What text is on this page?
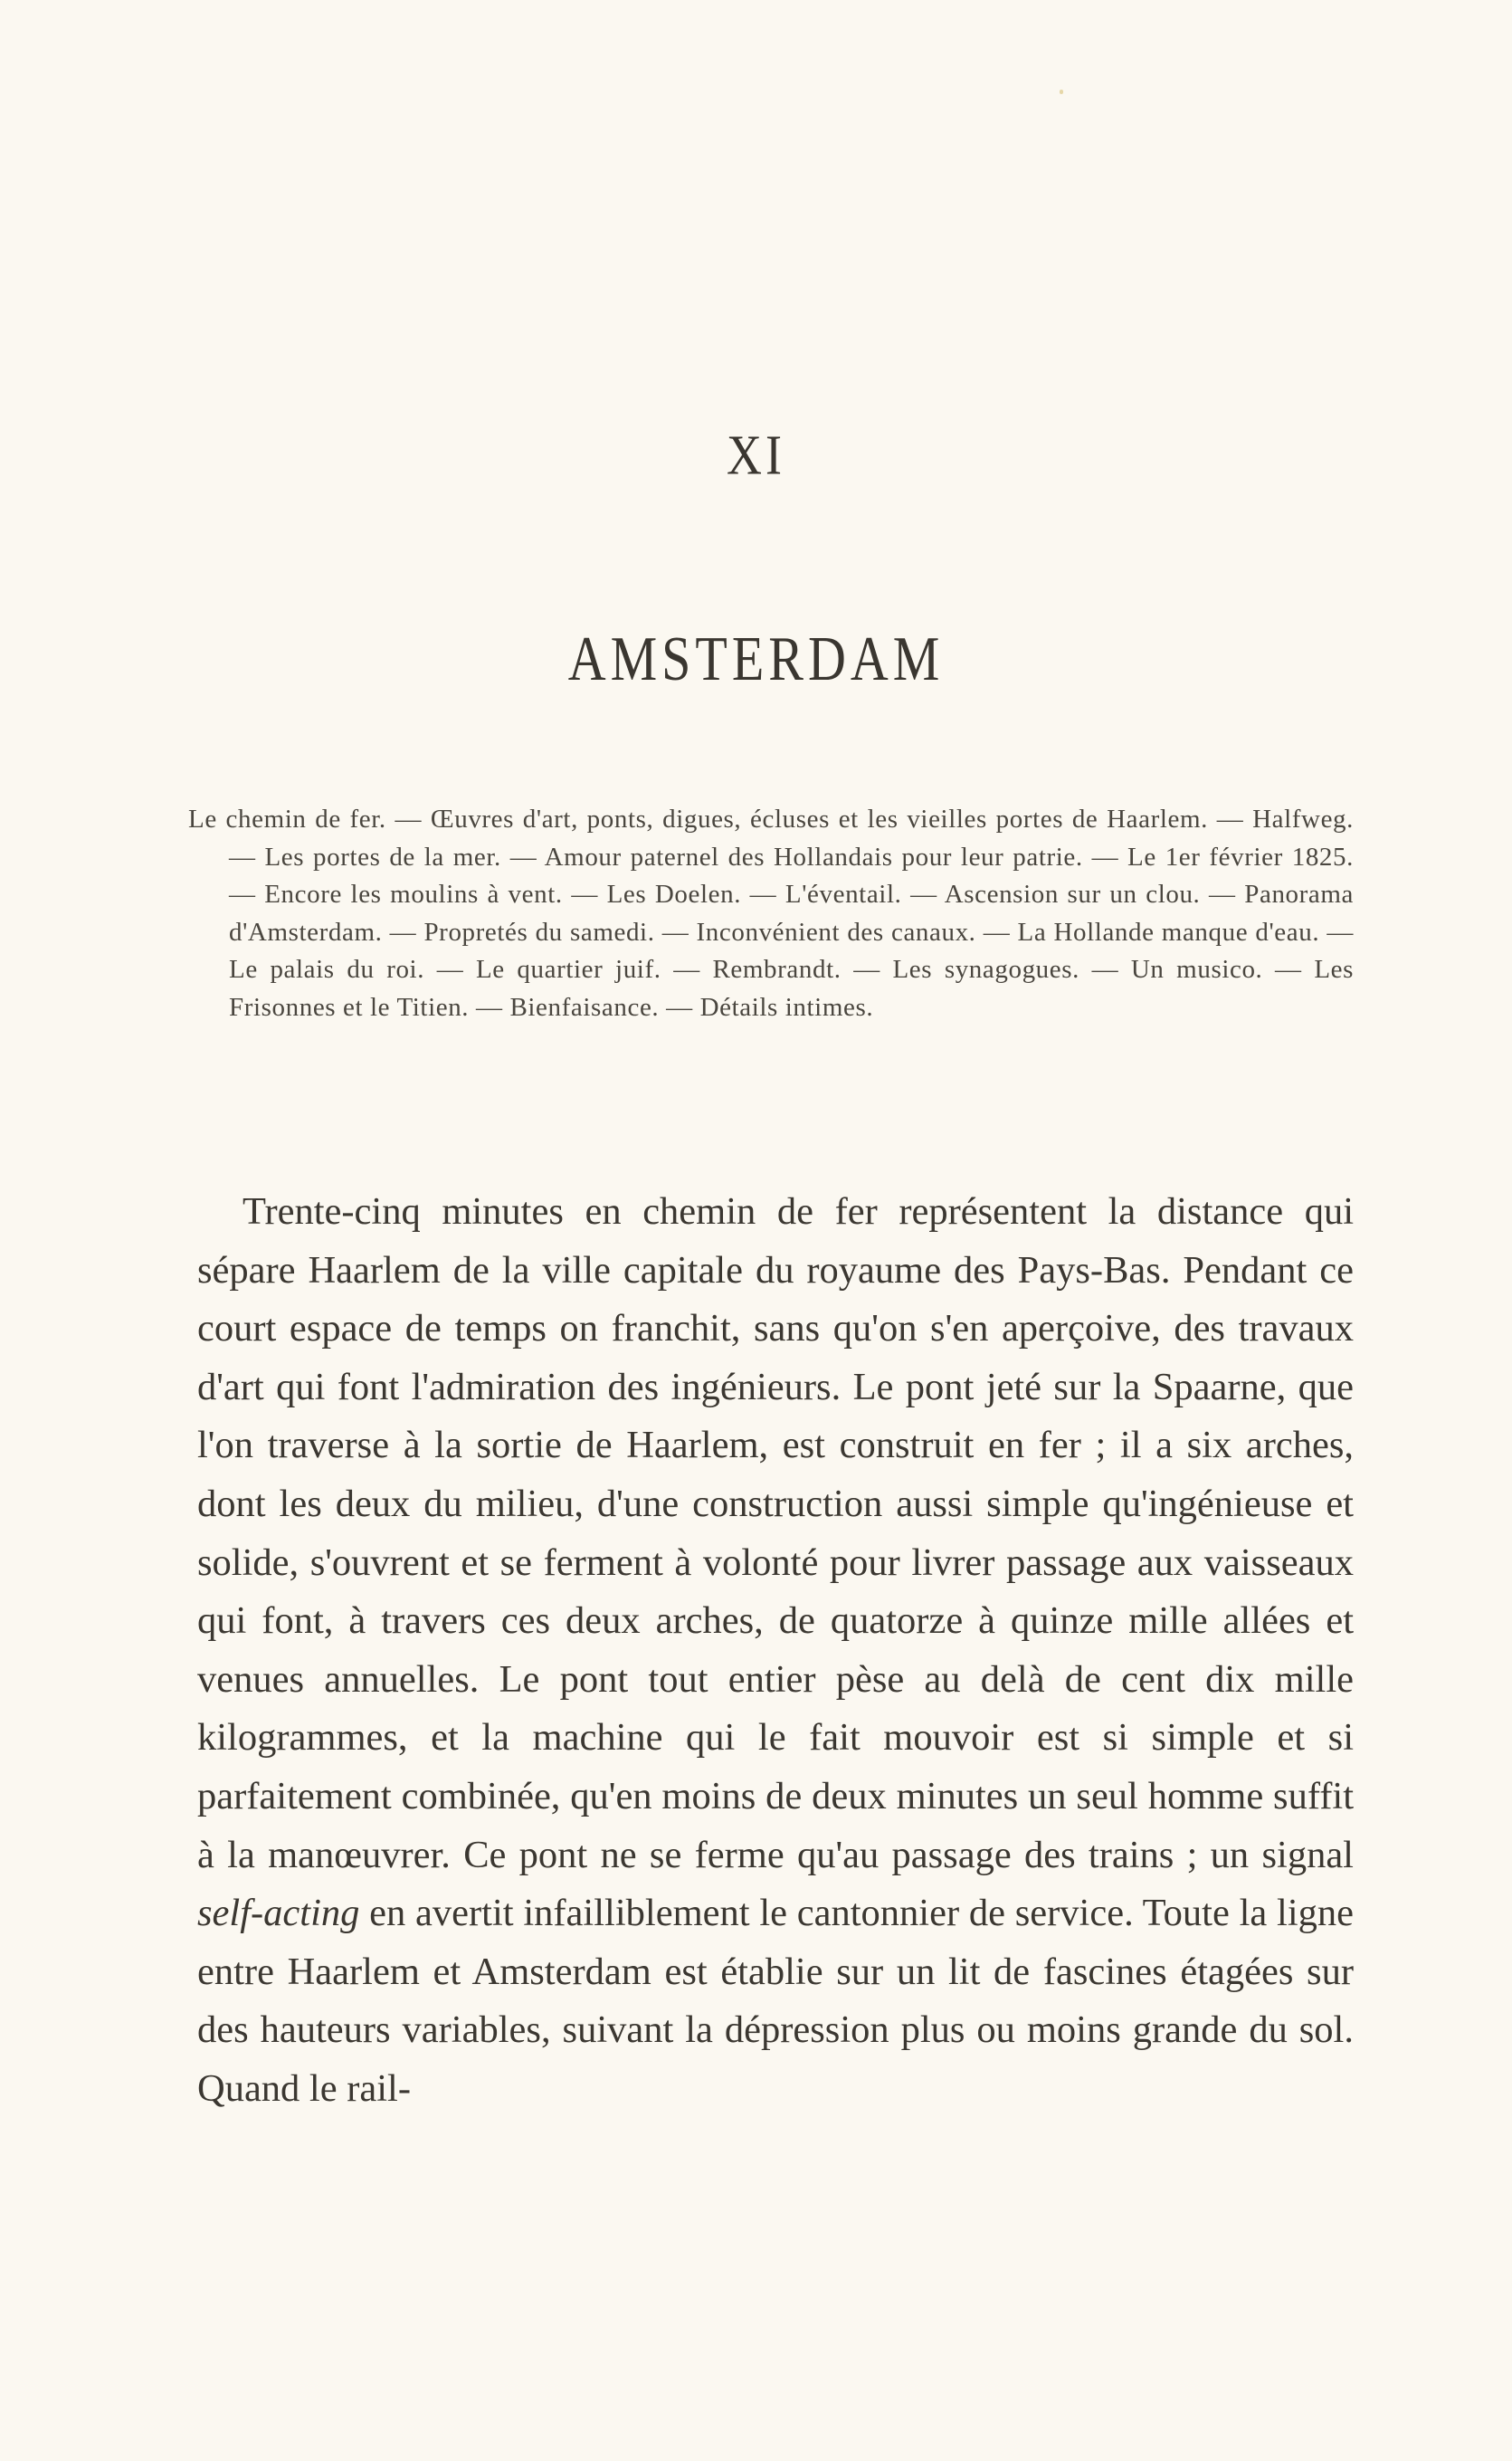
XI
AMSTERDAM

Le chemin de fer. — Œuvres d'art, ponts, digues, écluses et les vieilles portes de Haarlem. — Halfweg. — Les portes de la mer. — Amour paternel des Hollandais pour leur patrie. — Le 1er février 1825. — Encore les moulins à vent. — Les Doelen. — L'éventail. — Ascension sur un clou. — Panorama d'Amsterdam. — Propretés du samedi. — Inconvénient des canaux. — La Hollande manque d'eau. — Le palais du roi. — Le quartier juif. — Rembrandt. — Les synagogues. — Un musico. — Les Frisonnes et le Titien. — Bienfaisance. — Détails intimes.

Trente-cinq minutes en chemin de fer représentent la distance qui sépare Haarlem de la ville capitale du royaume des Pays-Bas. Pendant ce court espace de temps on franchit, sans qu'on s'en aperçoive, des travaux d'art qui font l'admiration des ingénieurs. Le pont jeté sur la Spaarne, que l'on traverse à la sortie de Haarlem, est construit en fer ; il a six arches, dont les deux du milieu, d'une construction aussi simple qu'ingénieuse et solide, s'ouvrent et se ferment à volonté pour livrer passage aux vaisseaux qui font, à travers ces deux arches, de quatorze à quinze mille allées et venues annuelles. Le pont tout entier pèse au delà de cent dix mille kilogrammes, et la machine qui le fait mouvoir est si simple et si parfaitement combinée, qu'en moins de deux minutes un seul homme suffit à la manœuvrer. Ce pont ne se ferme qu'au passage des trains ; un signal self-acting en avertit infailliblement le cantonnier de service. Toute la ligne entre Haarlem et Amsterdam est établie sur un lit de fascines étagées sur des hauteurs variables, suivant la dépression plus ou moins grande du sol. Quand le rail-
